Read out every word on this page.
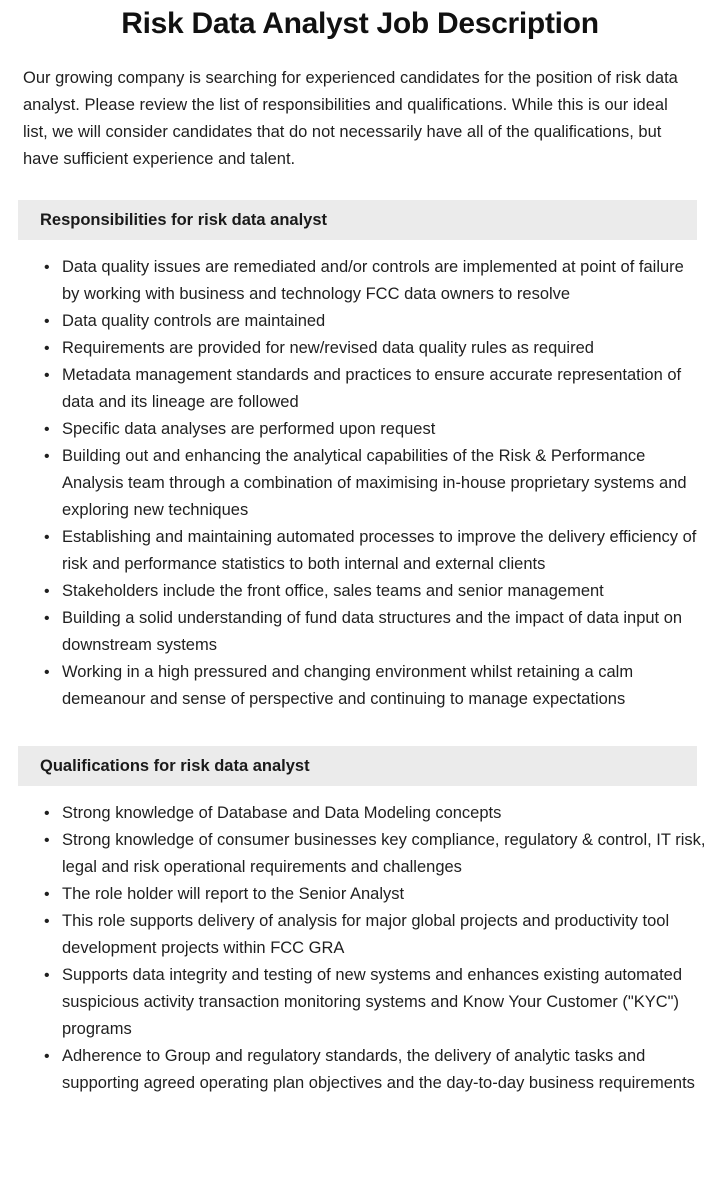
Risk Data Analyst Job Description

Our growing company is searching for experienced candidates for the position of risk data analyst. Please review the list of responsibilities and qualifications. While this is our ideal list, we will consider candidates that do not necessarily have all of the qualifications, but have sufficient experience and talent.

Responsibilities for risk data analyst
• Data quality issues are remediated and/or controls are implemented at point of failure by working with business and technology FCC data owners to resolve
• Data quality controls are maintained
• Requirements are provided for new/revised data quality rules as required
• Metadata management standards and practices to ensure accurate representation of data and its lineage are followed
• Specific data analyses are performed upon request
• Building out and enhancing the analytical capabilities of the Risk & Performance Analysis team through a combination of maximising in-house proprietary systems and exploring new techniques
• Establishing and maintaining automated processes to improve the delivery efficiency of risk and performance statistics to both internal and external clients
• Stakeholders include the front office, sales teams and senior management
• Building a solid understanding of fund data structures and the impact of data input on downstream systems
• Working in a high pressured and changing environment whilst retaining a calm demeanour and sense of perspective and continuing to manage expectations
Qualifications for risk data analyst
• Strong knowledge of Database and Data Modeling concepts
• Strong knowledge of consumer businesses key compliance, regulatory & control, IT risk, legal and risk operational requirements and challenges
• The role holder will report to the Senior Analyst
• This role supports delivery of analysis for major global projects and productivity tool development projects within FCC GRA
• Supports data integrity and testing of new systems and enhances existing automated suspicious activity transaction monitoring systems and Know Your Customer ("KYC") programs
• Adherence to Group and regulatory standards, the delivery of analytic tasks and supporting agreed operating plan objectives and the day-to-day business requirements
